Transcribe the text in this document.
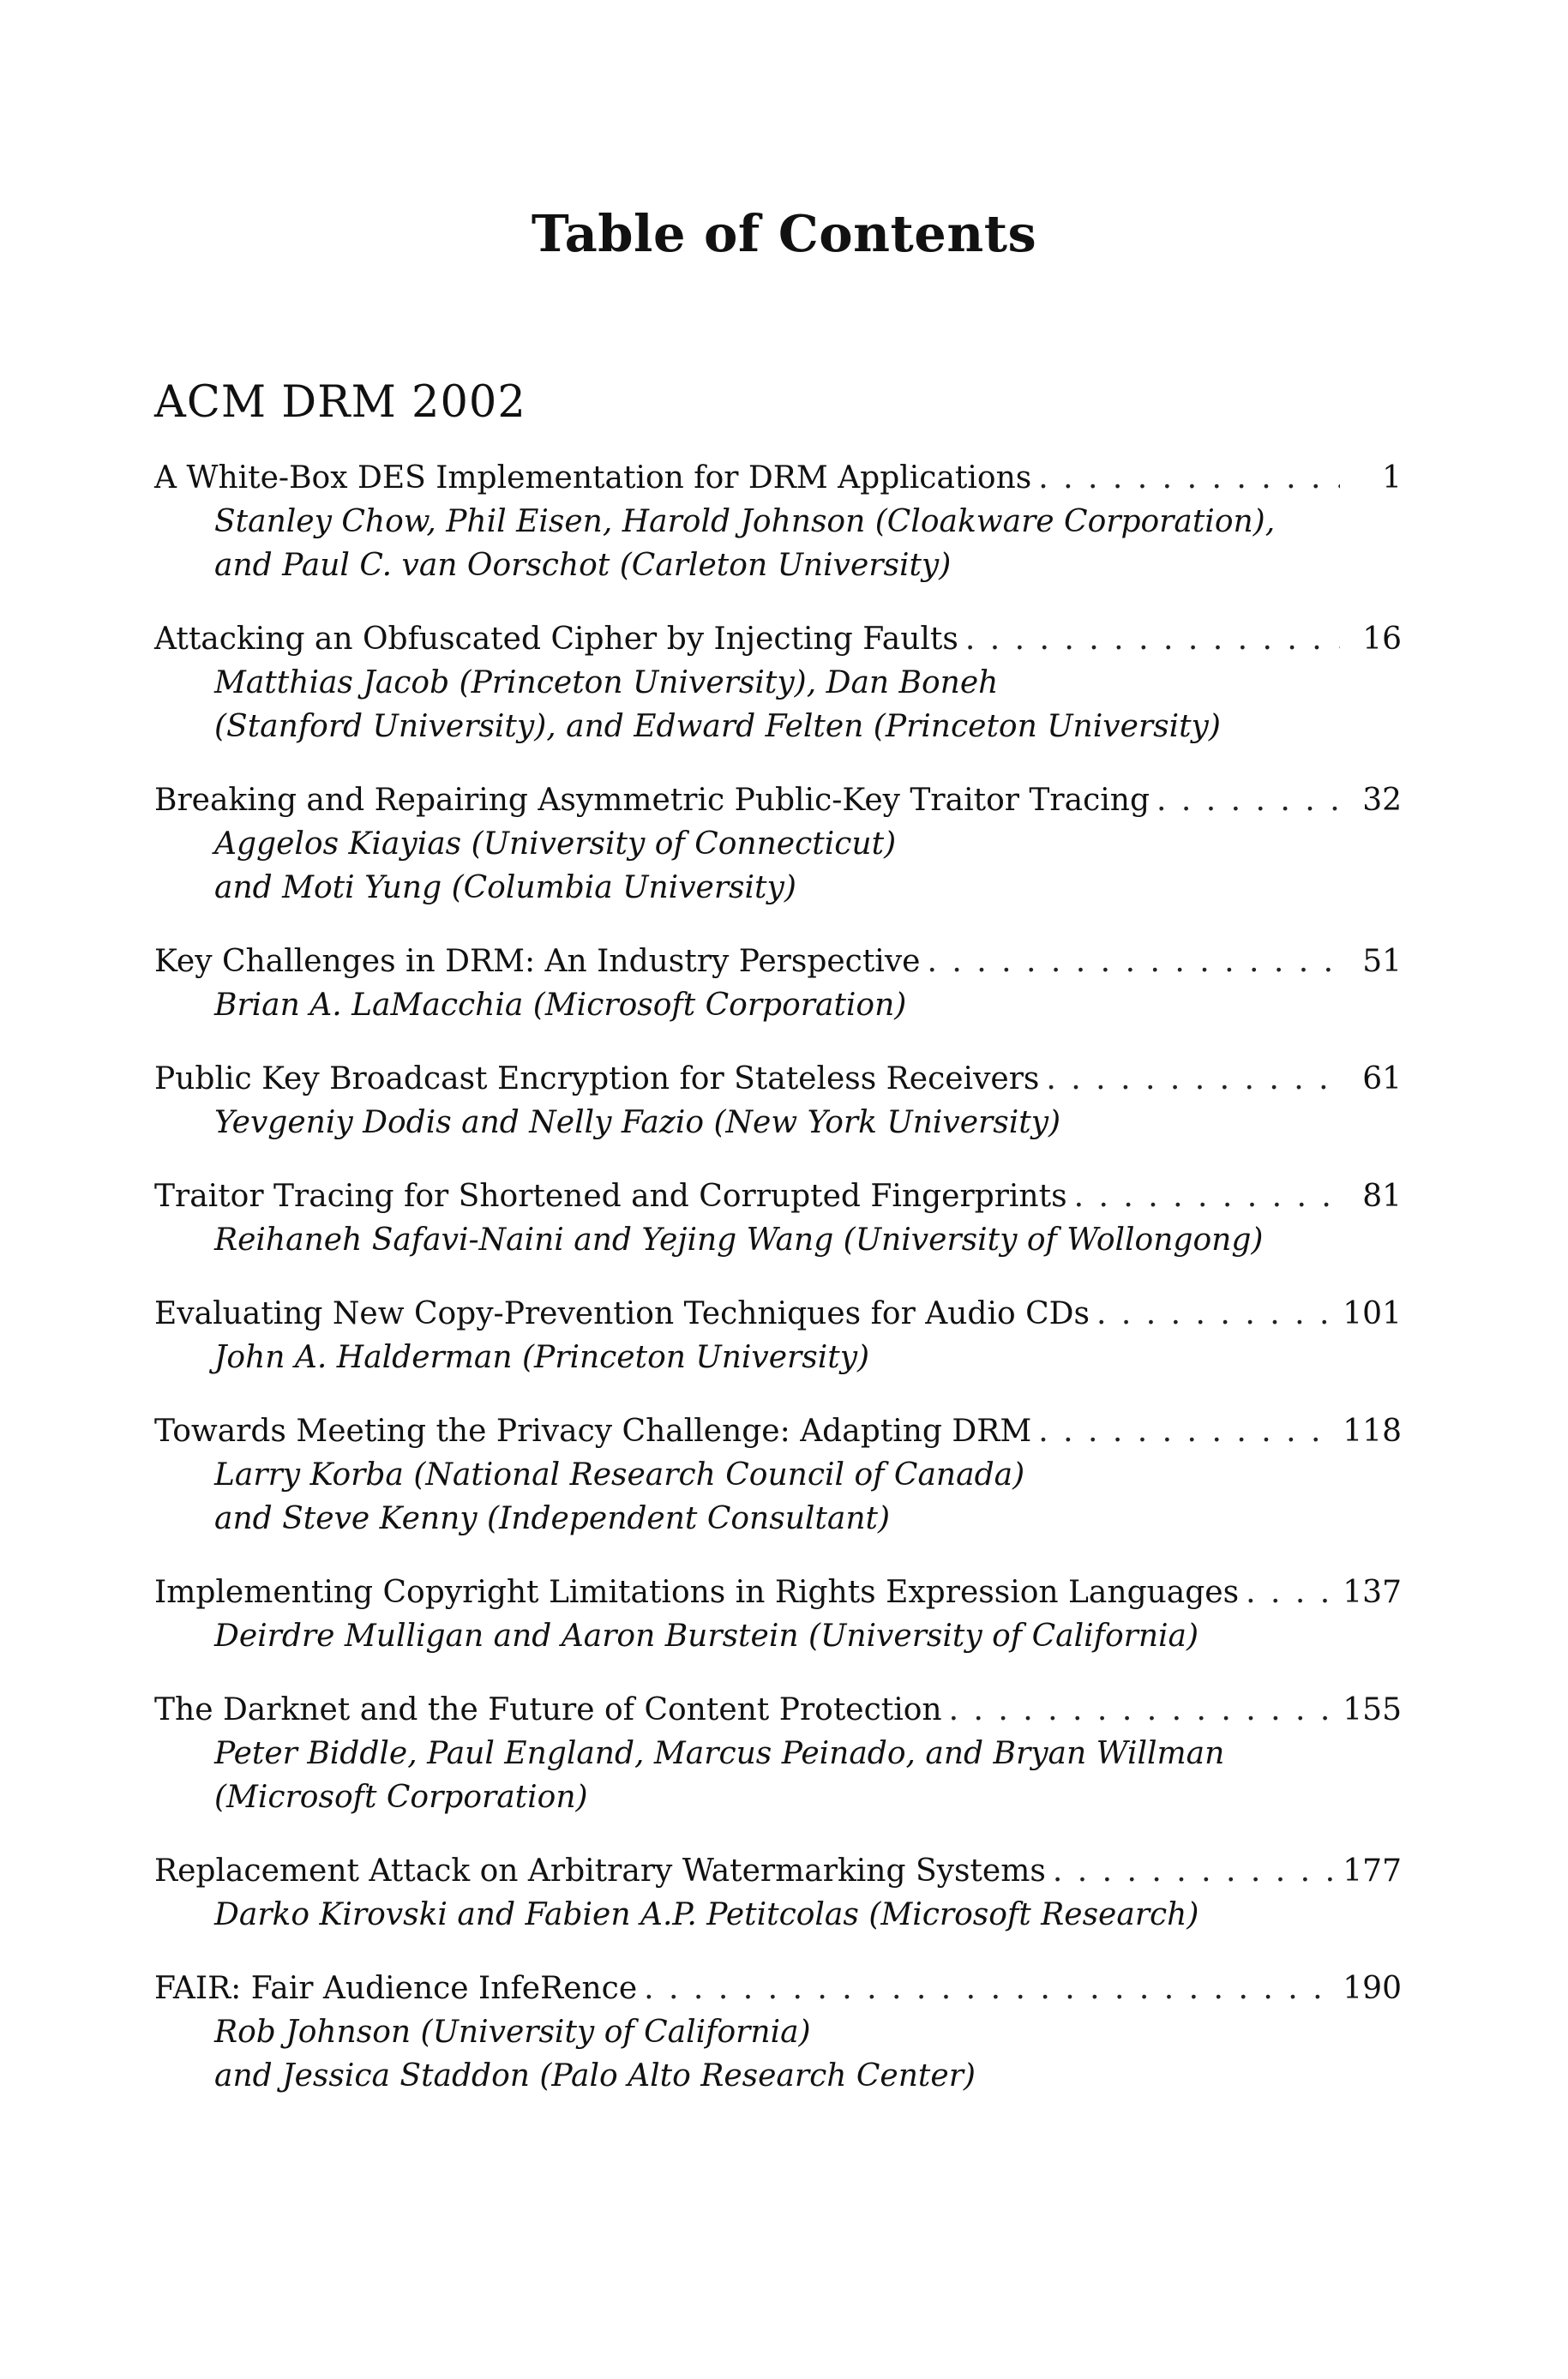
Table of Contents
ACM DRM 2002
A White-Box DES Implementation for DRM Applications . . .	1
Stanley Chow, Phil Eisen, Harold Johnson (Cloakware Corporation),
and Paul C. van Oorschot (Carleton University)
Attacking an Obfuscated Cipher by Injecting Faults . . .	16
Matthias Jacob (Princeton University), Dan Boneh
(Stanford University), and Edward Felten (Princeton University)
Breaking and Repairing Asymmetric Public-Key Traitor Tracing . . .	32
Aggelos Kiayias (University of Connecticut)
and Moti Yung (Columbia University)
Key Challenges in DRM: An Industry Perspective . . .	51
Brian A. LaMacchia (Microsoft Corporation)
Public Key Broadcast Encryption for Stateless Receivers . . .	61
Yevgeniy Dodis and Nelly Fazio (New York University)
Traitor Tracing for Shortened and Corrupted Fingerprints . . .	81
Reihaneh Safavi-Naini and Yejing Wang (University of Wollongong)
Evaluating New Copy-Prevention Techniques for Audio CDs . . .	101
John A. Halderman (Princeton University)
Towards Meeting the Privacy Challenge: Adapting DRM . . .	118
Larry Korba (National Research Council of Canada)
and Steve Kenny (Independent Consultant)
Implementing Copyright Limitations in Rights Expression Languages . . .	137
Deirdre Mulligan and Aaron Burstein (University of California)
The Darknet and the Future of Content Protection . . .	155
Peter Biddle, Paul England, Marcus Peinado, and Bryan Willman
(Microsoft Corporation)
Replacement Attack on Arbitrary Watermarking Systems . . .	177
Darko Kirovski and Fabien A.P. Petitcolas (Microsoft Research)
FAIR: Fair Audience InfeRence . . .	190
Rob Johnson (University of California)
and Jessica Staddon (Palo Alto Research Center)
